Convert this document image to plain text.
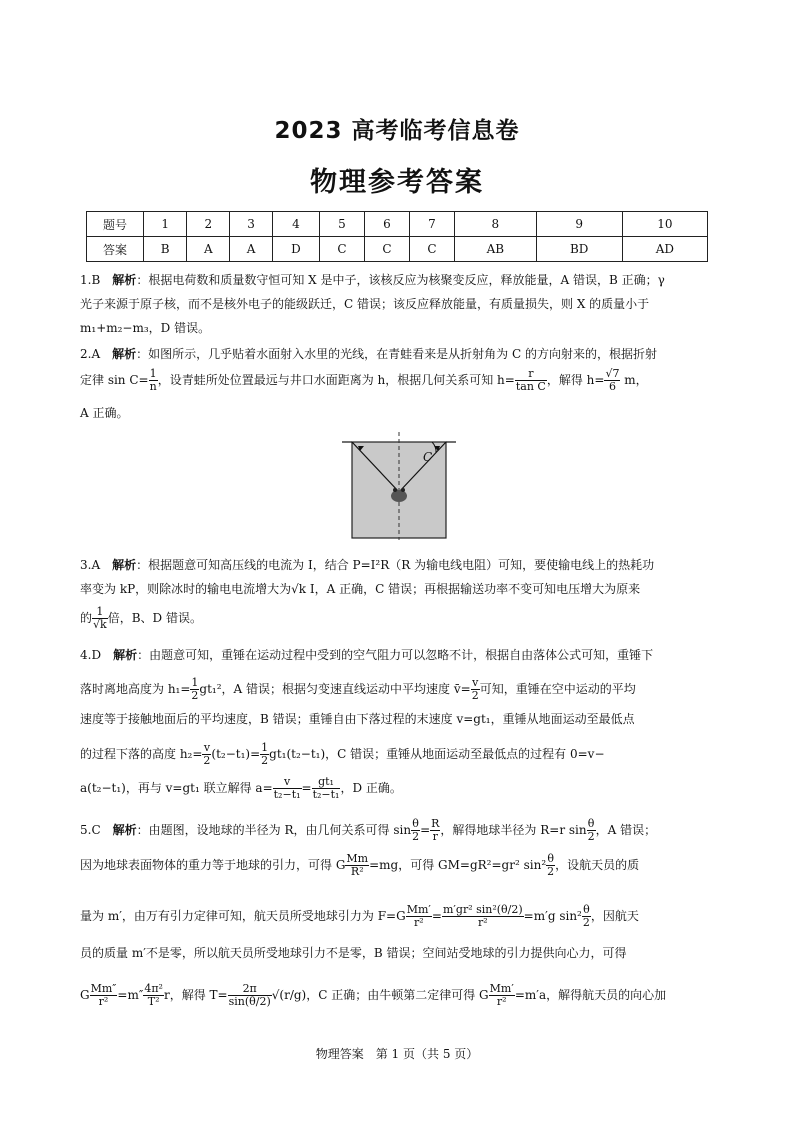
2023 高考临考信息卷
物理参考答案
题号	1	2	3	4	5	6	7	8	9	10
答案	B	A	A	D	C	C	C	AB	BD	AD
1.B　 解析：根据电荷数和质量数守恒可知 X 是中子，该核反应为核聚变反应，释放能量，A 错误，B 正确；γ
光子来源于原子核，而不是核外电子的能级跃迁，C 错误；该反应释放能量，有质量损失，则 X 的质量小于
m₁+m₂−m₃，D 错误。
2.A　 解析：如图所示，几乎贴着水面射入水里的光线，在青蛙看来是从折射角为 C 的方向射来的，根据折射
定律 $\sin C= \frac{1}{n}$ ，设青蛙所处位置最远与井口水面距离为 h，根据几何关系可知 $h= \frac{r}{\text{tan C}}$ ，解得 $h= \frac{√7}{6}$ m，
A 正确。
C
3.A　 解析：根据题意可知高压线的电流为 I，结合 P=I²R（R 为输电线电阻）可知，要使输电线上的热耗功
率变为 kP，则除冰时的输电电流增大为√k I，A 正确，C 错误；再根据输送功率不变可知电压增大为原来
的 $\frac{1}{√k}$ 倍，B、D 错误。
4.D　 解析：由题意可知，重锤在运动过程中受到的空气阻力可以忽略不计，根据自由落体公式可知，重锤下
落时离地高度为 $h_1= \frac{1}{2} gt_1^2$，A 错误；根据匀变速直线运动中平均速度 v̄= $\frac{v}{2}$ 可知，重锤在空中运动的平均
速度等于接触地面后的平均速度，B 错误；重锤自由下落过程的末速度 v=gt₁，重锤从地面运动至最低点
的过程下落的高度 $h_2= \frac{v}{2} (t_2-t_1)= \frac{1}{2} gt_1(t_2-t_1)$，C 错误；重锤从地面运动至最低点的过程有 0=v−
a(t₂−t₁)，再与 v=gt₁ 联立解得 $a= \frac{v}{\text{t₂−t₁}} = \frac{\text{gt₁}}{\text{t₂−t₁}}$ ，D 正确。
5.C　 解析：由题图，设地球的半径为 R，由几何关系可得 $\sin \frac{\theta}{2} = \frac{R}{r}$ ，解得地球半径为 R=r $\sin \frac{\theta}{2}$ ，A 错误；
因为地球表面物体的重力等于地球的引力，可得 G $\frac{Mm}{\text{R²}} =mg$，可得 GM=gR²=gr² $\sin^2 \frac{\theta}{2}$ ，设航天员的质
量为 m′，由万有引力定律可知，航天员所受地球引力为 $F=G \frac{Mm'}{\text{r²}} = \frac{\text{m′gr² sin²(θ/2)}}{\text{r²}} =m'g$ $\sin^2 \frac{\theta}{2}$ ，因航天
员的质量 m′不是零，所以航天员所受地球引力不是零，B 错误；空间站受地球的引力提供向心力，可得
G $\frac{Mm''}{\text{r²}} =m'' \frac{\text{4π²}}{\text{T²}}$ r，解得 $T= \frac{2\pi}{\sin(\theta/2)} √(r/g)$，C 正确；由牛顿第二定律可得 G $\frac{Mm'}{\text{r²}} =m'a$，解得航天员的向心加
物理答案　第 1 页（共 5 页）
